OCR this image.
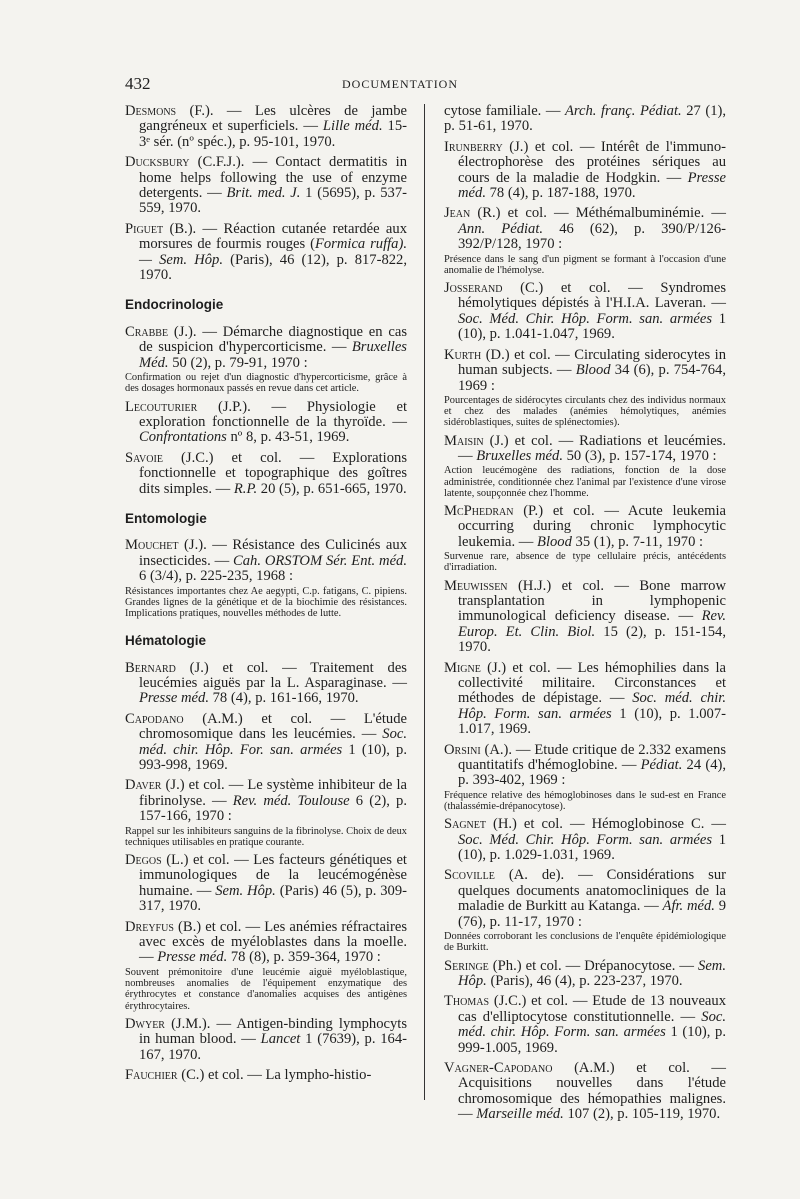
432	DOCUMENTATION
Desmons (F.). — Les ulcères de jambe gangréneux et superficiels. — Lille méd. 15-3ᵉ sér. (nº spéc.), p. 95-101, 1970.
Ducksbury (C.F.J.). — Contact dermatitis in home helps following the use of enzyme detergents. — Brit. med. J. 1 (5695), p. 537-559, 1970.
Piguet (B.). — Réaction cutanée retardée aux morsures de fourmis rouges (Formica ruffa). — Sem. Hôp. (Paris), 46 (12), p. 817-822, 1970.
Endocrinologie
Crabbe (J.). — Démarche diagnostique en cas de suspicion d'hypercorticisme. — Bruxelles Méd. 50 (2), p. 79-91, 1970 :
Confirmation ou rejet d'un diagnostic d'hypercorticisme, grâce à des dosages hormonaux passés en revue dans cet article.
Lecouturier (J.P.). — Physiologie et exploration fonctionnelle de la thyroïde. — Confrontations nº 8, p. 43-51, 1969.
Savoie (J.C.) et col. — Explorations fonctionnelle et topographique des goîtres dits simples. — R.P. 20 (5), p. 651-665, 1970.
Entomologie
Mouchet (J.). — Résistance des Culicinés aux insecticides. — Cah. ORSTOM Sér. Ent. méd. 6 (3/4), p. 225-235, 1968 :
Résistances importantes chez Ae aegypti, C.p. fatigans, C. pipiens. Grandes lignes de la génétique et de la biochimie des résistances. Implications pratiques, nouvelles méthodes de lutte.
Hématologie
Bernard (J.) et col. — Traitement des leucémies aiguës par la L. Asparaginase. — Presse méd. 78 (4), p. 161-166, 1970.
Capodano (A.M.) et col. — L'étude chromosomique dans les leucémies. — Soc. méd. chir. Hôp. For. san. armées 1 (10), p. 993-998, 1969.
Daver (J.) et col. — Le système inhibiteur de la fibrinolyse. — Rev. méd. Toulouse 6 (2), p. 157-166, 1970 :
Rappel sur les inhibiteurs sanguins de la fibrinolyse. Choix de deux techniques utilisables en pratique courante.
Degos (L.) et col. — Les facteurs génétiques et immunologiques de la leucémogénèse humaine. — Sem. Hôp. (Paris) 46 (5), p. 309-317, 1970.
Dreyfus (B.) et col. — Les anémies réfractaires avec excès de myéloblastes dans la moelle. — Presse méd. 78 (8), p. 359-364, 1970 :
Souvent prémonitoire d'une leucémie aiguë myéloblastique, nombreuses anomalies de l'équipement enzymatique des érythrocytes et constance d'anomalies acquises des antigènes érythrocytaires.
Dwyer (J.M.). — Antigen-binding lymphocyts in human blood. — Lancet 1 (7639), p. 164-167, 1970.
Fauchier (C.) et col. — La lympho-histio-
cytose familiale. — Arch. franç. Pédiat. 27 (1), p. 51-61, 1970.
Irunberry (J.) et col. — Intérêt de l'immuno-électrophorèse des protéines sériques au cours de la maladie de Hodgkin. — Presse méd. 78 (4), p. 187-188, 1970.
Jean (R.) et col. — Méthémalbuminémie. — Ann. Pédiat. 46 (62), p. 390/P/126-392/P/128, 1970 :
Présence dans le sang d'un pigment se formant à l'occasion d'une anomalie de l'hémolyse.
Josserand (C.) et col. — Syndromes hémolytiques dépistés à l'H.I.A. Laveran. — Soc. Méd. Chir. Hôp. Form. san. armées 1 (10), p. 1.041-1.047, 1969.
Kurth (D.) et col. — Circulating siderocytes in human subjects. — Blood 34 (6), p. 754-764, 1969 :
Pourcentages de sidérocytes circulants chez des individus normaux et chez des malades (anémies hémolytiques, anémies sidéroblastiques, suites de splénectomies).
Maisin (J.) et col. — Radiations et leucémies. — Bruxelles méd. 50 (3), p. 157-174, 1970 :
Action leucémogène des radiations, fonction de la dose administrée, conditionnée chez l'animal par l'existence d'une virose latente, soupçonnée chez l'homme.
McPhedran (P.) et col. — Acute leukemia occurring during chronic lymphocytic leukemia. — Blood 35 (1), p. 7-11, 1970 :
Survenue rare, absence de type cellulaire précis, antécédents d'irradiation.
Meuwissen (H.J.) et col. — Bone marrow transplantation in lymphopenic immunological deficiency disease. — Rev. Europ. Et. Clin. Biol. 15 (2), p. 151-154, 1970.
Migne (J.) et col. — Les hémophilies dans la collectivité militaire. Circonstances et méthodes de dépistage. — Soc. méd. chir. Hôp. Form. san. armées 1 (10), p. 1.007-1.017, 1969.
Orsini (A.). — Etude critique de 2.332 examens quantitatifs d'hémoglobine. — Pédiat. 24 (4), p. 393-402, 1969 :
Fréquence relative des hémoglobinoses dans le sud-est en France (thalassémie-drépanocytose).
Sagnet (H.) et col. — Hémoglobinose C. — Soc. Méd. Chir. Hôp. Form. san. armées 1 (10), p. 1.029-1.031, 1969.
Scoville (A. de). — Considérations sur quelques documents anatomocliniques de la maladie de Burkitt au Katanga. — Afr. méd. 9 (76), p. 11-17, 1970 :
Données corroborant les conclusions de l'enquête épidémiologique de Burkitt.
Seringe (Ph.) et col. — Drépanocytose. — Sem. Hôp. (Paris), 46 (4), p. 223-237, 1970.
Thomas (J.C.) et col. — Etude de 13 nouveaux cas d'elliptocytose constitutionnelle. — Soc. méd. chir. Hôp. Form. san. armées 1 (10), p. 999-1.005, 1969.
Vagner-Capodano (A.M.) et col. — Acquisitions nouvelles dans l'étude chromosomique des hémopathies malignes. — Marseille méd. 107 (2), p. 105-119, 1970.
